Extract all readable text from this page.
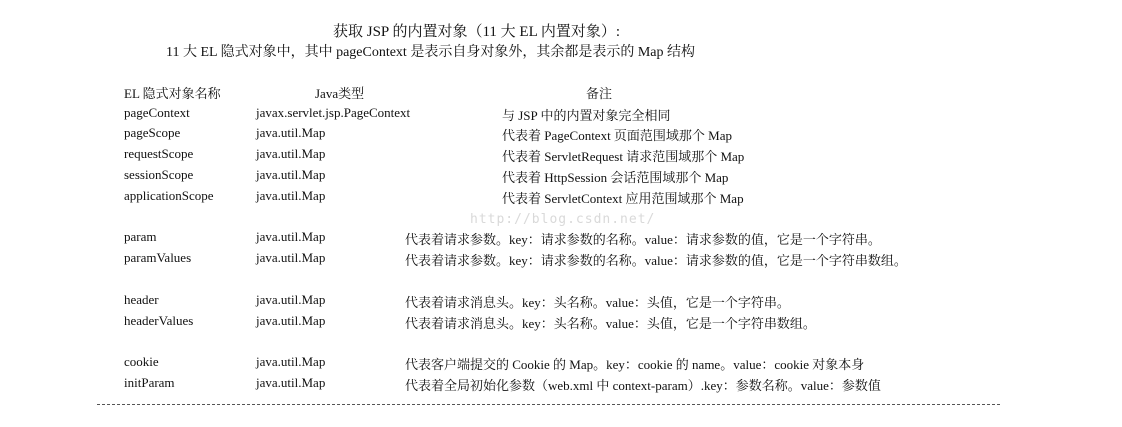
获取 JSP 的内置对象（11 大 EL 内置对象）:
11 大 EL 隐式对象中，其中 pageContext 是表示自身对象外，其余都是表示的 Map 结构
EL 隐式对象名称	Java类型	备注
pageContext	javax.servlet.jsp.PageContext	与 JSP 中的内置对象完全相同
pageScope	java.util.Map	代表着 PageContext 页面范围域那个 Map
requestScope	java.util.Map	代表着 ServletRequest 请求范围域那个 Map
sessionScope	java.util.Map	代表着 HttpSession 会话范围域那个 Map
applicationScope	java.util.Map	代表着 ServletContext 应用范围域那个 Map
http://blog.csdn.net/
param	java.util.Map	代表着请求参数。key：请求参数的名称。value：请求参数的值，它是一个字符串。
paramValues	java.util.Map	代表着请求参数。key：请求参数的名称。value：请求参数的值，它是一个字符串数组。
header	java.util.Map	代表着请求消息头。key：头名称。value：头值，它是一个字符串。
headerValues	java.util.Map	代表着请求消息头。key：头名称。value：头值，它是一个字符串数组。
cookie	java.util.Map	代表客户端提交的 Cookie 的 Map。key：cookie 的 name。value：cookie 对象本身
initParam	java.util.Map	代表着全局初始化参数（web.xml 中 context-param）.key：参数名称。value：参数值
